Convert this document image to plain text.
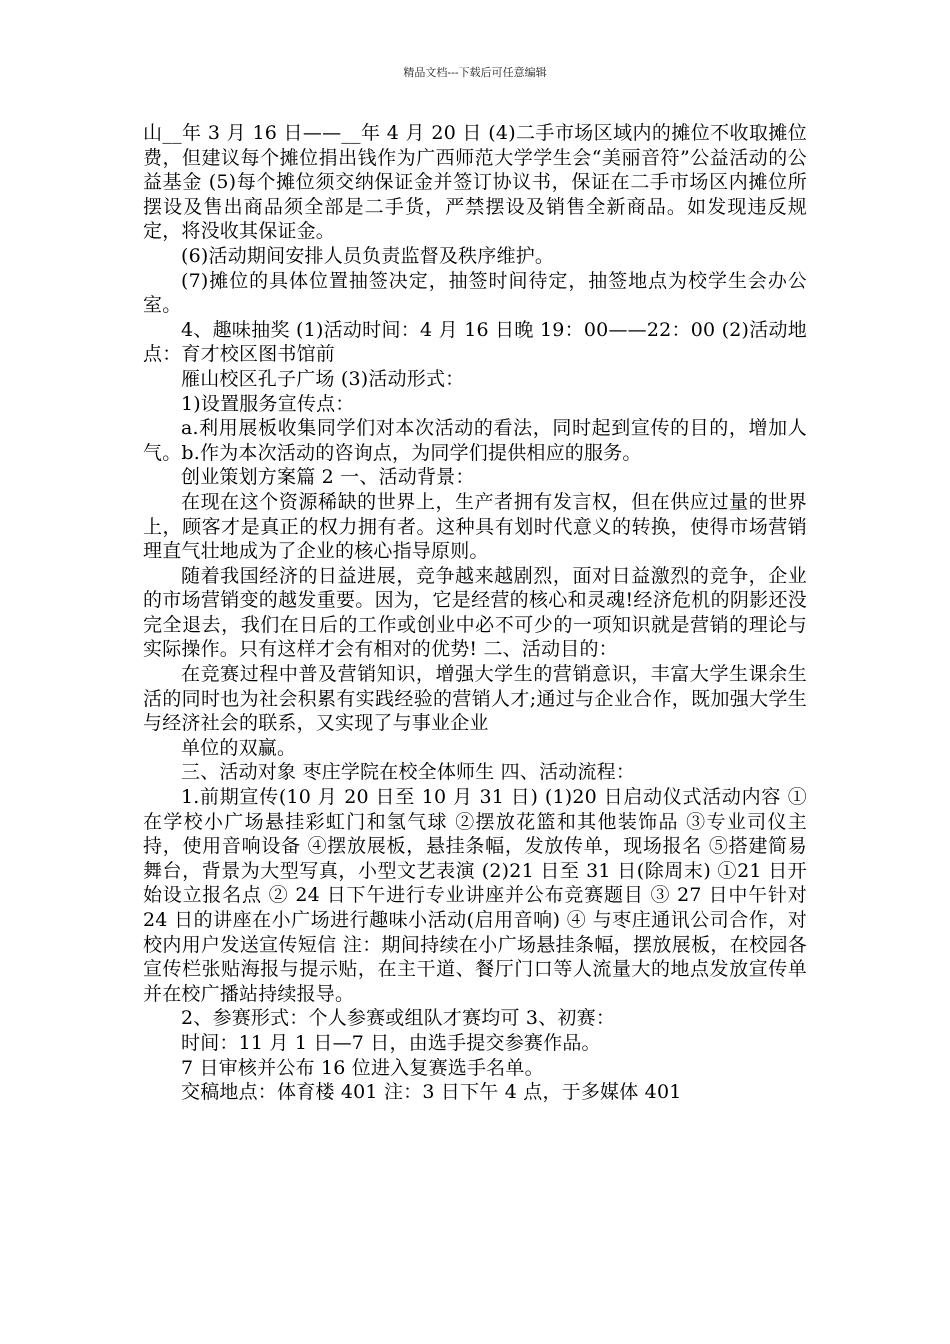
精品文档---下载后可任意编辑

山__年 3 月 16 日——__年 4 月 20 日 (4)二手市场区域内的摊位不收取摊位费，但建议每个摊位捐出钱作为广西师范大学学生会“美丽音符”公益活动的公益基金 (5)每个摊位须交纳保证金并签订协议书，保证在二手市场区内摊位所摆设及售出商品须全部是二手货，严禁摆设及销售全新商品。如发现违反规定，将没收其保证金。

(6)活动期间安排人员负责监督及秩序维护。

(7)摊位的具体位置抽签决定，抽签时间待定，抽签地点为校学生会办公室。

4、趣味抽奖 (1)活动时间：4 月 16 日晚 19：00——22：00 (2)活动地点：育才校区图书馆前

雁山校区孔子广场 (3)活动形式：

1)设置服务宣传点：

a.利用展板收集同学们对本次活动的看法，同时起到宣传的目的，增加人气。b.作为本次活动的咨询点，为同学们提供相应的服务。

创业策划方案篇 2 一、活动背景：

在现在这个资源稀缺的世界上，生产者拥有发言权，但在供应过量的世界上，顾客才是真正的权力拥有者。这种具有划时代意义的转换，使得市场营销理直气壮地成为了企业的核心指导原则。

随着我国经济的日益进展，竞争越来越剧烈，面对日益激烈的竞争，企业的市场营销变的越发重要。因为，它是经营的核心和灵魂!经济危机的阴影还没完全退去，我们在日后的工作或创业中必不可少的一项知识就是营销的理论与实际操作。只有这样才会有相对的优势! 二、活动目的：

在竞赛过程中普及营销知识，增强大学生的营销意识，丰富大学生课余生活的同时也为社会积累有实践经验的营销人才;通过与企业合作，既加强大学生与经济社会的联系，又实现了与事业企业

单位的双赢。

三、活动对象 枣庄学院在校全体师生 四、活动流程：

1.前期宣传(10 月 20 日至 10 月 31 日) (1)20 日启动仪式活动内容 ①在学校小广场悬挂彩虹门和氢气球 ②摆放花篮和其他装饰品 ③专业司仪主持，使用音响设备 ④摆放展板，悬挂条幅，发放传单，现场报名 ⑤搭建简易舞台，背景为大型写真，小型文艺表演 (2)21 日至 31 日(除周末) ①21 日开始设立报名点 ② 24 日下午进行专业讲座并公布竞赛题目 ③ 27 日中午针对 24 日的讲座在小广场进行趣味小活动(启用音响) ④ 与枣庄通讯公司合作，对校内用户发送宣传短信 注：期间持续在小广场悬挂条幅，摆放展板，在校园各宣传栏张贴海报与提示贴，在主干道、餐厅门口等人流量大的地点发放宣传单并在校广播站持续报导。

2、参赛形式：个人参赛或组队才赛均可 3、初赛：

时间：11 月 1 日—7 日，由选手提交参赛作品。

7 日审核并公布 16 位进入复赛选手名单。

交稿地点：体育楼 401 注：3 日下午 4 点，于多媒体 401
